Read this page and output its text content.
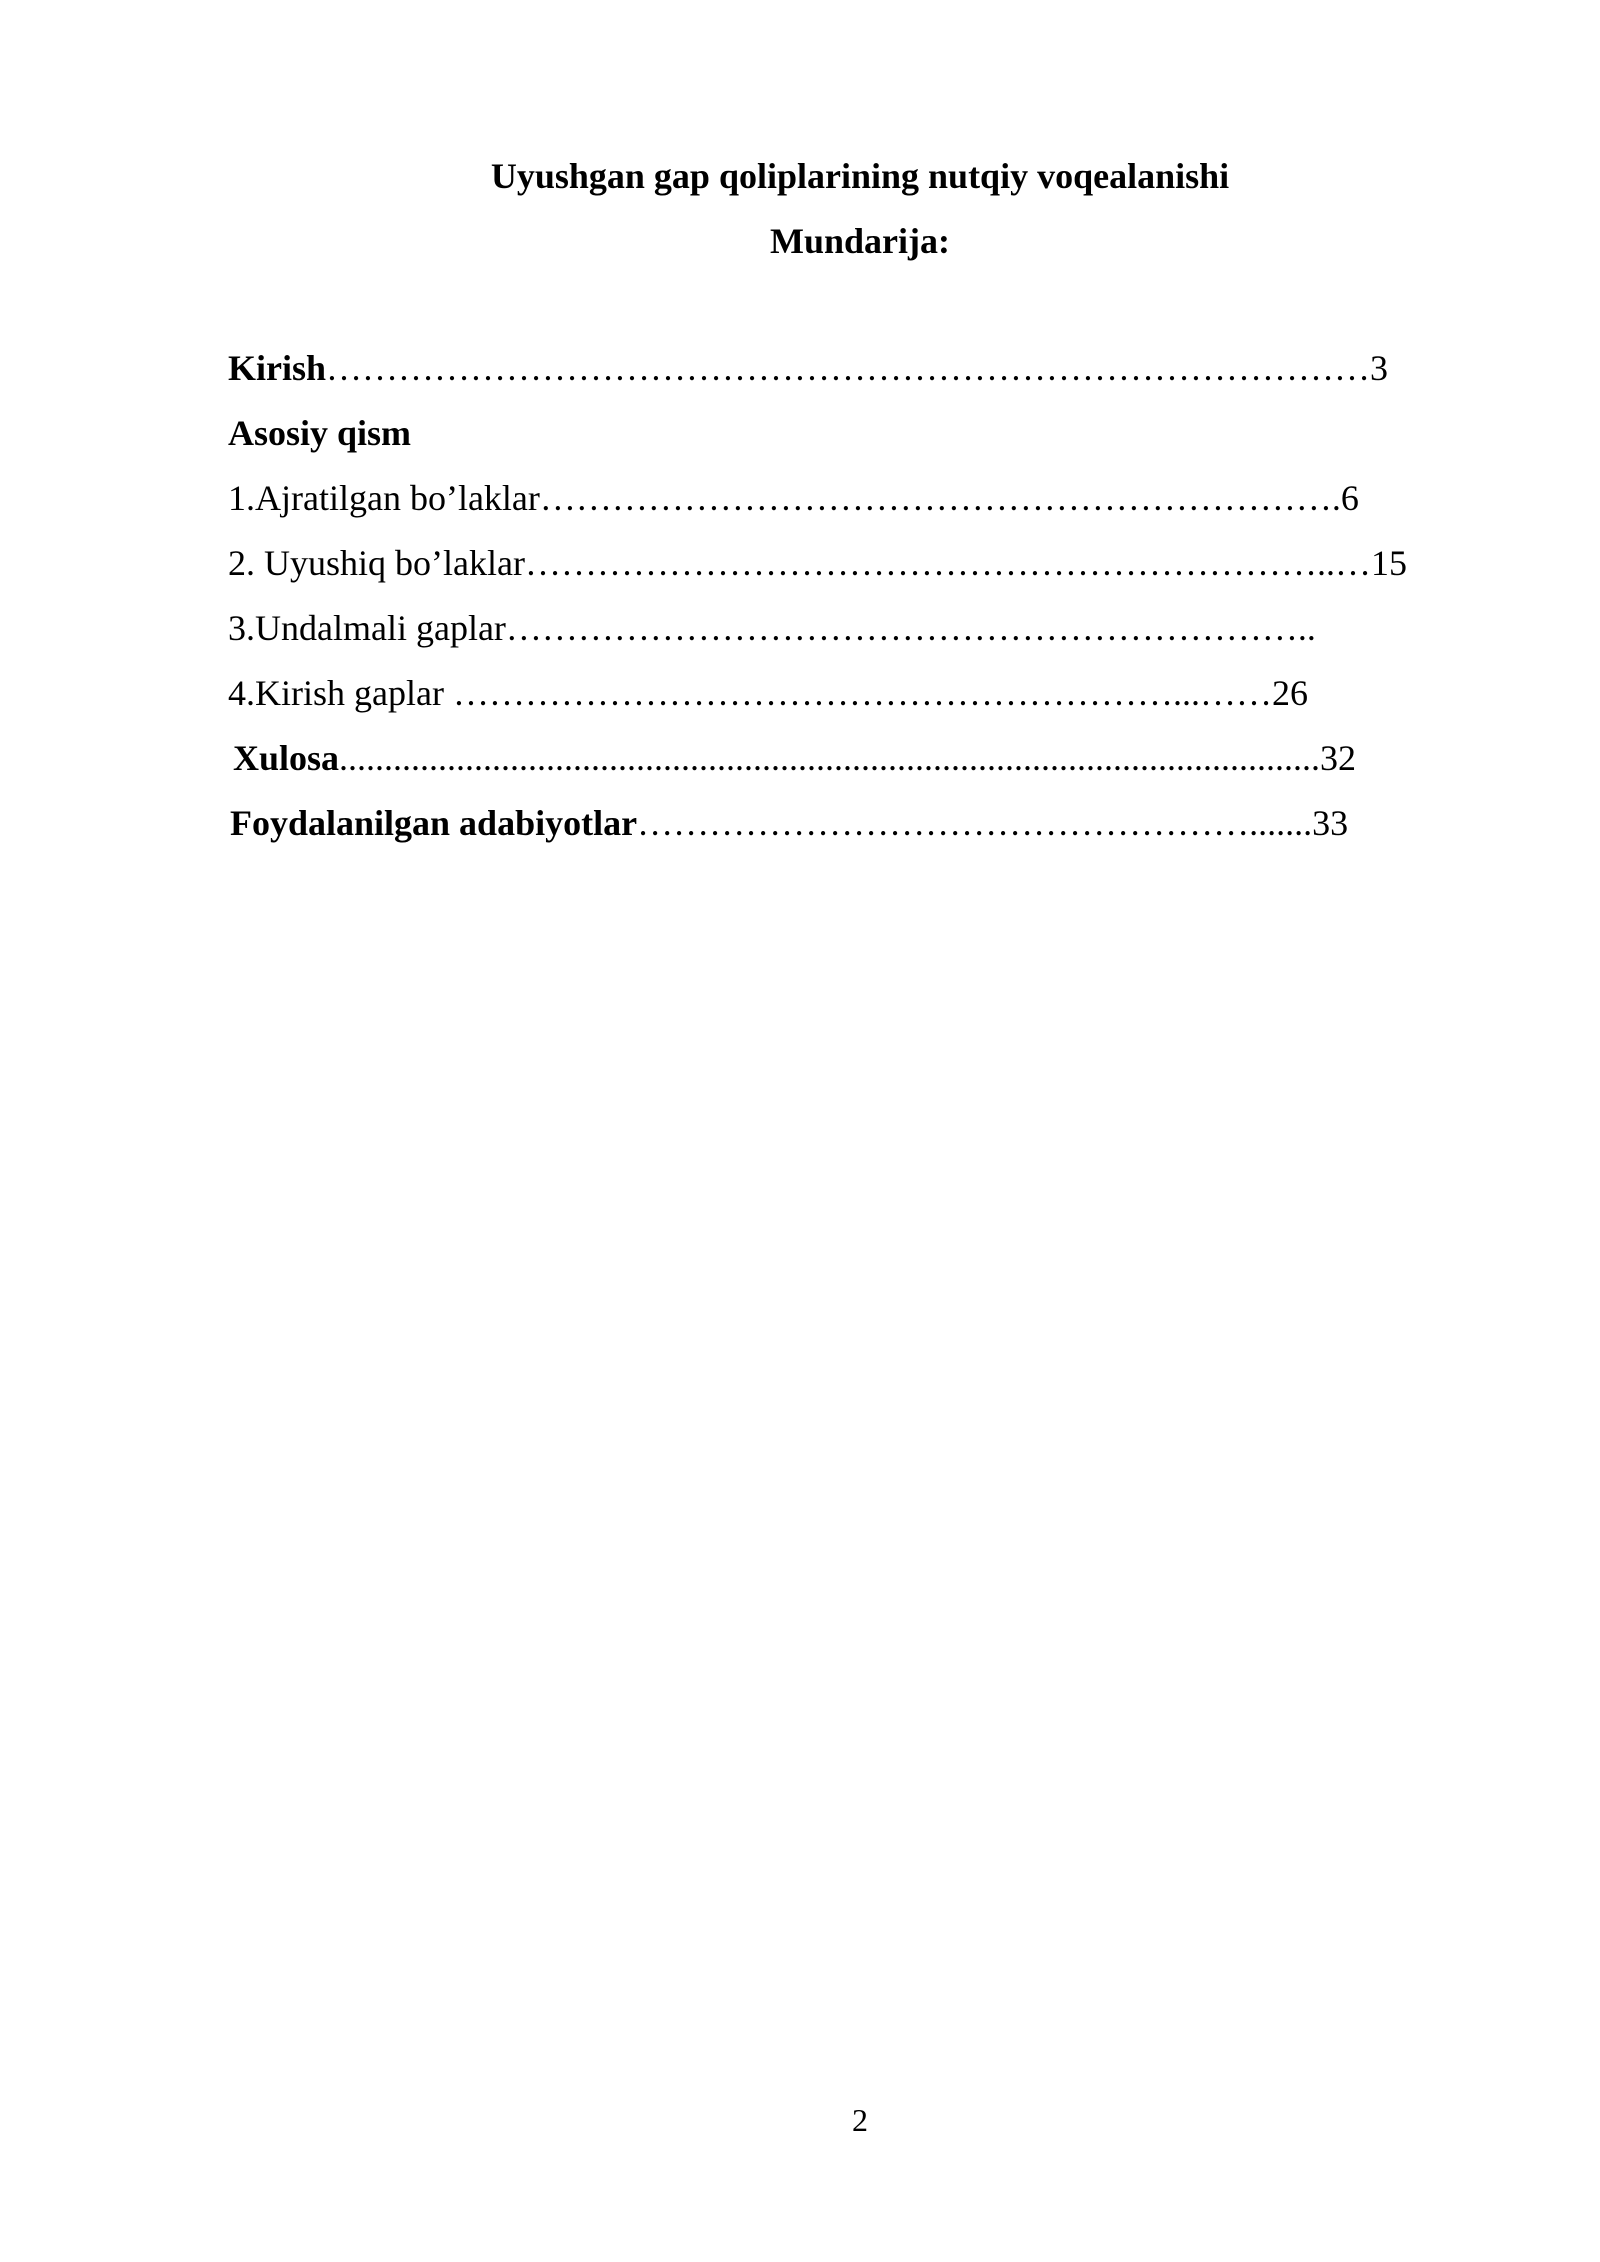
Uyushgan gap qoliplarining nutqiy voqealanishi
Mundarija:
Kirish……………………………………………………………………………3
Asosiy qism
1.Ajratilgan bo’laklar………………………………………………………….6
2. Uyushiq bo’laklar…………………………………………………………..…15
3.Undalmali gaplar…………………………………………………………..
4.Kirish gaplar ……………………………………………………...……26
Xulosa.............................................................................................................32
Foydalanilgan adabiyotlar…………………………………………….......33
2
